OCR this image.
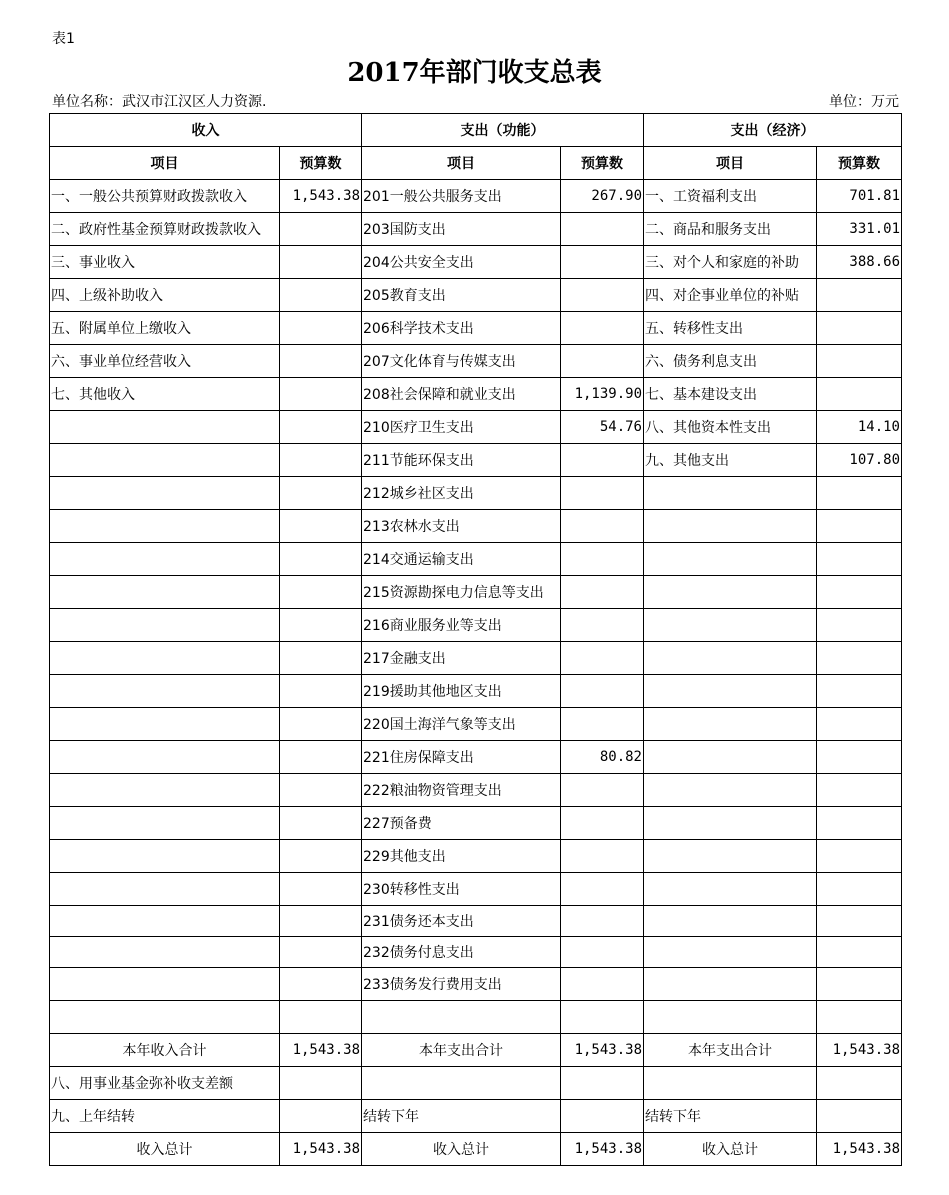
表1
2017年部门收支总表
单位名称：武汉市江汉区人力资源.	单位：万元
收入		支出（功能）		支出（经济）	
项目	预算数	项目	预算数	项目	预算数
一、一般公共预算财政拨款收入	1,543.38	201一般公共服务支出	267.90	一、工资福利支出	701.81
二、政府性基金预算财政拨款收入		203国防支出		二、商品和服务支出	331.01
三、事业收入		204公共安全支出		三、对个人和家庭的补助	388.66
四、上级补助收入		205教育支出		四、对企事业单位的补贴	
五、附属单位上缴收入		206科学技术支出		五、转移性支出	
六、事业单位经营收入		207文化体育与传媒支出		六、债务利息支出	
七、其他收入		208社会保障和就业支出	1,139.90	七、基本建设支出	
		210医疗卫生支出	54.76	八、其他资本性支出	14.10
		211节能环保支出		九、其他支出	107.80
		212城乡社区支出			
		213农林水支出			
		214交通运输支出			
		215资源勘探电力信息等支出			
		216商业服务业等支出			
		217金融支出			
		219援助其他地区支出			
		220国土海洋气象等支出			
		221住房保障支出	80.82		
		222粮油物资管理支出			
		227预备费			
		229其他支出			
		230转移性支出			
		231债务还本支出			
		232债务付息支出			
		233债务发行费用支出			

本年收入合计	1,543.38	本年支出合计	1,543.38	本年支出合计	1,543.38
八、用事业基金弥补收支差额					
九、上年结转		结转下年		结转下年	
收入总计	1,543.38	收入总计	1,543.38	收入总计	1,543.38
